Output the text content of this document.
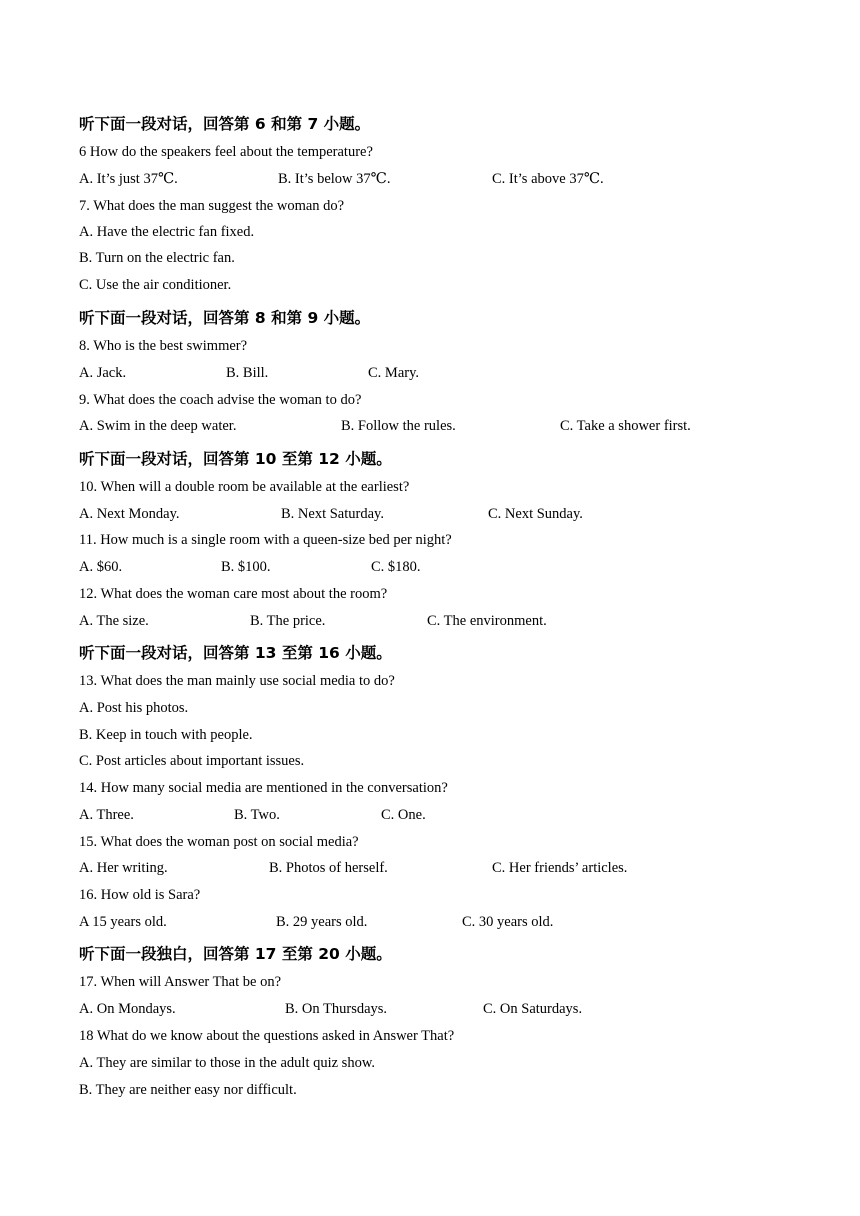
听下面一段对话，回答第 6 和第 7 小题。
6 How do the speakers feel about the temperature?
A. It’s just 37℃.	B. It’s below 37℃.	C. It’s above 37℃.
7. What does the man suggest the woman do?
A. Have the electric fan fixed.
B. Turn on the electric fan.
C. Use the air conditioner.
听下面一段对话，回答第 8 和第 9 小题。
8. Who is the best swimmer?
A. Jack.	B. Bill.	C. Mary.
9. What does the coach advise the woman to do?
A. Swim in the deep water.	B. Follow the rules.	C. Take a shower first.
听下面一段对话，回答第 10 至第 12 小题。
10. When will a double room be available at the earliest?
A. Next Monday.	B. Next Saturday.	C. Next Sunday.
11. How much is a single room with a queen-size bed per night?
A. $60.	B. $100.	C. $180.
12. What does the woman care most about the room?
A. The size.	B. The price.	C. The environment.
听下面一段对话，回答第 13 至第 16 小题。
13. What does the man mainly use social media to do?
A. Post his photos.
B. Keep in touch with people.
C. Post articles about important issues.
14. How many social media are mentioned in the conversation?
A. Three.	B. Two.	C. One.
15. What does the woman post on social media?
A. Her writing.	B. Photos of herself.	C. Her friends’ articles.
16. How old is Sara?
A 15 years old.	B. 29 years old.	C. 30 years old.
听下面一段独白，回答第 17 至第 20 小题。
17. When will Answer That be on?
A. On Mondays.	B. On Thursdays.	C. On Saturdays.
18 What do we know about the questions asked in Answer That?
A. They are similar to those in the adult quiz show.
B. They are neither easy nor difficult.
